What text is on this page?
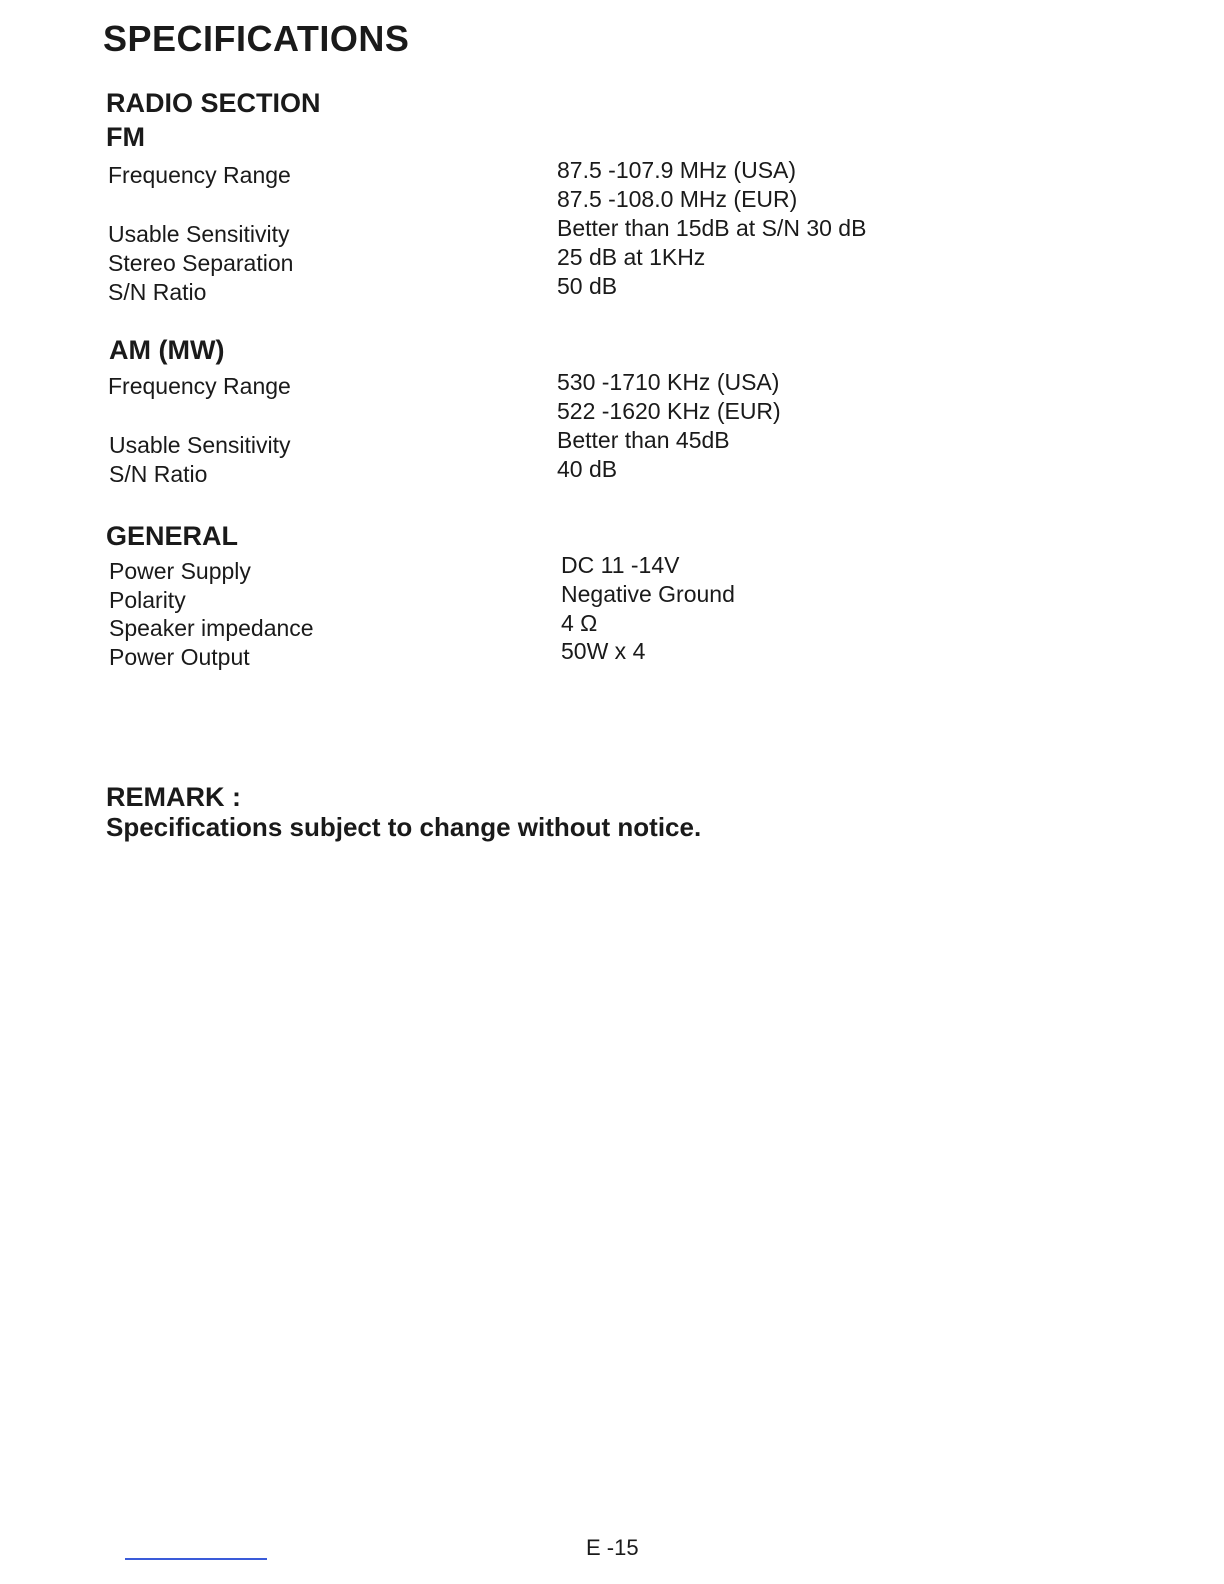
SPECIFICATIONS
RADIO SECTION
FM
Frequency Range	87.5 -107.9 MHz (USA)
87.5 -108.0 MHz (EUR)
Usable Sensitivity	Better than 15dB at S/N 30 dB
Stereo Separation	25 dB at 1KHz
S/N Ratio	50 dB
AM (MW)
Frequency Range	530 -1710 KHz (USA)
522 -1620 KHz (EUR)
Usable Sensitivity	Better than 45dB
S/N Ratio	40 dB
GENERAL
Power Supply	DC 11 -14V
Polarity	Negative Ground
Speaker impedance	4 Ω
Power Output	50W x 4
REMARK :
Specifications subject to change without notice.
E -15
